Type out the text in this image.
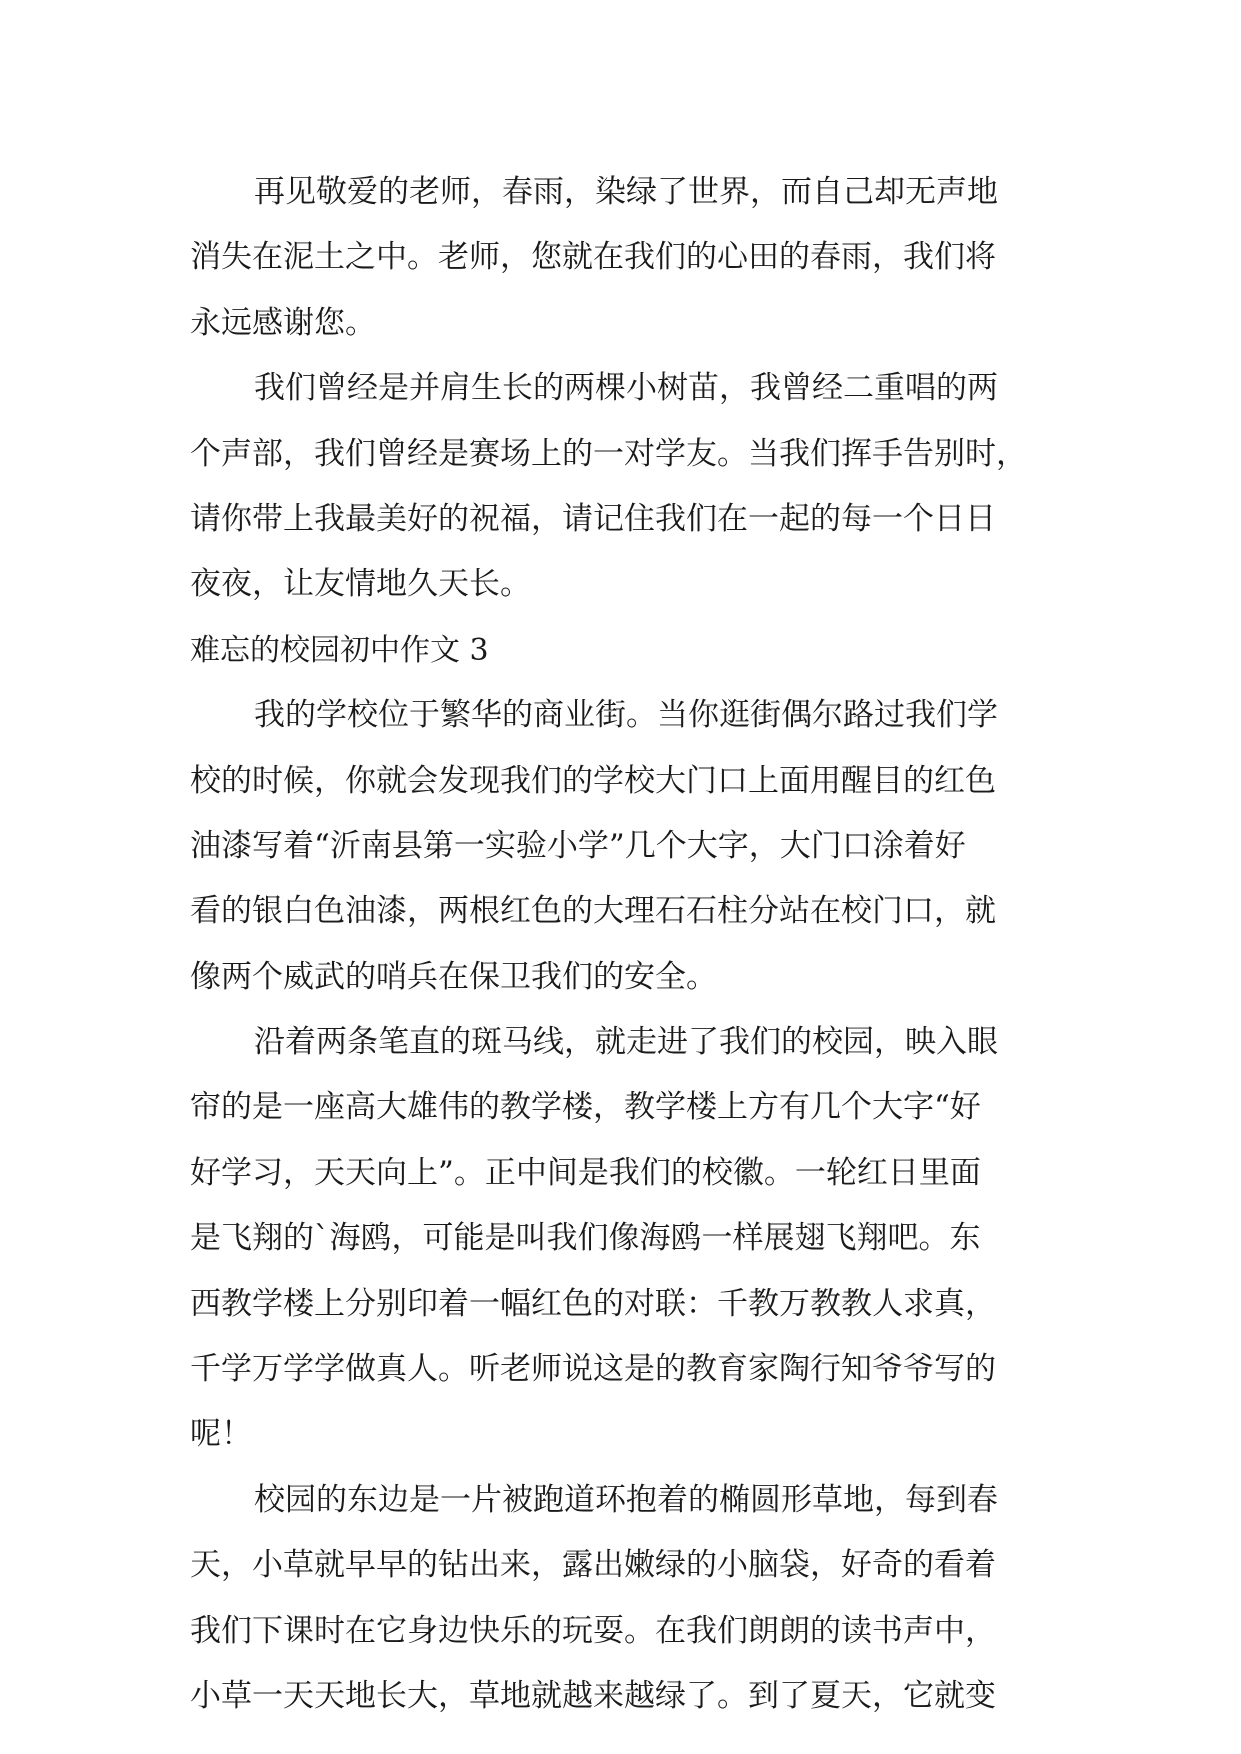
再见敬爱的老师，春雨，染绿了世界，而自己却无声地
消失在泥土之中。老师，您就在我们的心田的春雨，我们将
永远感谢您。
我们曾经是并肩生长的两棵小树苗，我曾经二重唱的两
个声部，我们曾经是赛场上的一对学友。当我们挥手告别时，
请你带上我最美好的祝福，请记住我们在一起的每一个日日
夜夜，让友情地久天长。
难忘的校园初中作文 3
我的学校位于繁华的商业街。当你逛街偶尔路过我们学
校的时候，你就会发现我们的学校大门口上面用醒目的红色
油漆写着“沂南县第一实验小学”几个大字，大门口涂着好
看的银白色油漆，两根红色的大理石石柱分站在校门口，就
像两个威武的哨兵在保卫我们的安全。
沿着两条笔直的斑马线，就走进了我们的校园，映入眼
帘的是一座高大雄伟的教学楼，教学楼上方有几个大字“好
好学习，天天向上”。正中间是我们的校徽。一轮红日里面
是飞翔的`海鸥，可能是叫我们像海鸥一样展翅飞翔吧。东
西教学楼上分别印着一幅红色的对联：千教万教教人求真，
千学万学学做真人。听老师说这是的教育家陶行知爷爷写的
呢！
校园的东边是一片被跑道环抱着的椭圆形草地，每到春
天，小草就早早的钻出来，露出嫩绿的小脑袋，好奇的看着
我们下课时在它身边快乐的玩耍。在我们朗朗的读书声中，
小草一天天地长大，草地就越来越绿了。到了夏天，它就变
